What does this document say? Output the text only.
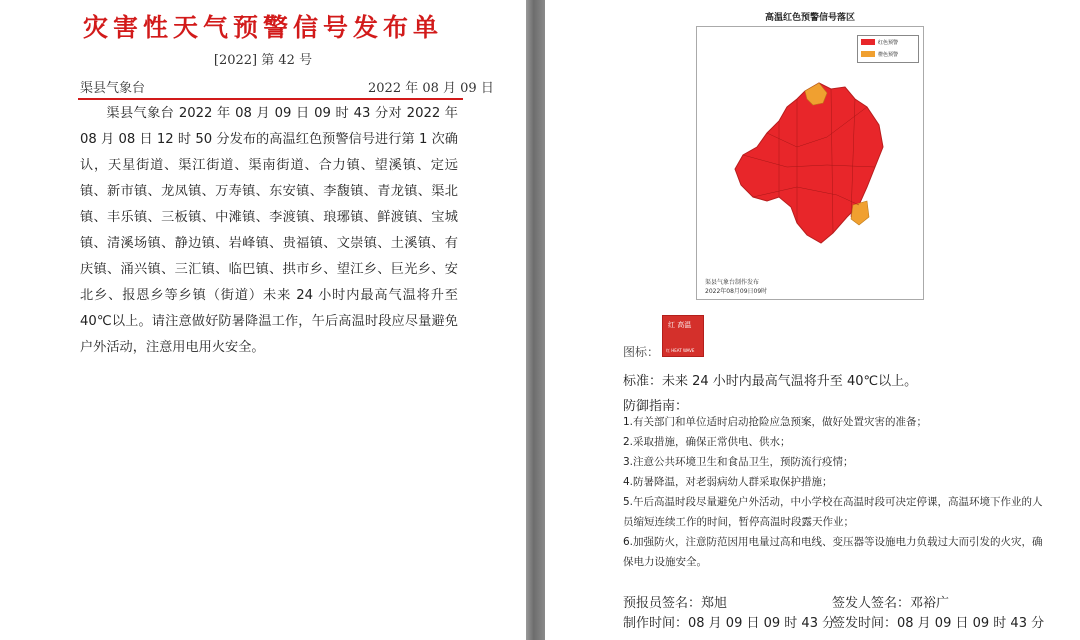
灾害性天气预警信号发布单
[2022] 第 42 号
渠县气象台	2022 年 08 月 09 日
渠县气象台 2022 年 08 月 09 日 09 时 43 分对 2022 年 08 月 08 日 12 时 50 分发布的高温红色预警信号进行第 1 次确认，天星街道、渠江街道、渠南街道、合力镇、望溪镇、定远镇、新市镇、龙凤镇、万寿镇、东安镇、李馥镇、青龙镇、渠北镇、丰乐镇、三板镇、中滩镇、李渡镇、琅琊镇、鲜渡镇、宝城镇、清溪场镇、静边镇、岩峰镇、贵福镇、文崇镇、土溪镇、有庆镇、涌兴镇、三汇镇、临巴镇、拱市乡、望江乡、巨光乡、安北乡、报恩乡等乡镇（街道）未来 24 小时内最高气温将升至 40℃以上。请注意做好防暑降温工作，午后高温时段应尽量避免户外活动，注意用电用火安全。
高温红色预警信号落区
红色预警
橙色预警
渠县气象台制作发布
2022年08月09日09时
图标：
红 高温
红 HEAT WAVE
标准：未来 24 小时内最高气温将升至 40℃以上。
防御指南：
1.有关部门和单位适时启动抢险应急预案，做好处置灾害的准备；
2.采取措施，确保正常供电、供水；
3.注意公共环境卫生和食品卫生，预防流行疫情；
4.防暑降温，对老弱病幼人群采取保护措施；
5.午后高温时段尽量避免户外活动，中小学校在高温时段可决定停课，高温环境下作业的人员缩短连续工作的时间，暂停高温时段露天作业；
6.加强防火，注意防范因用电量过高和电线、变压器等设施电力负载过大而引发的火灾，确保电力设施安全。
预报员签名：郑旭	签发人签名：邓裕广
制作时间：08 月 09 日 09 时 43 分
签发时间：08 月 09 日 09 时 43 分
